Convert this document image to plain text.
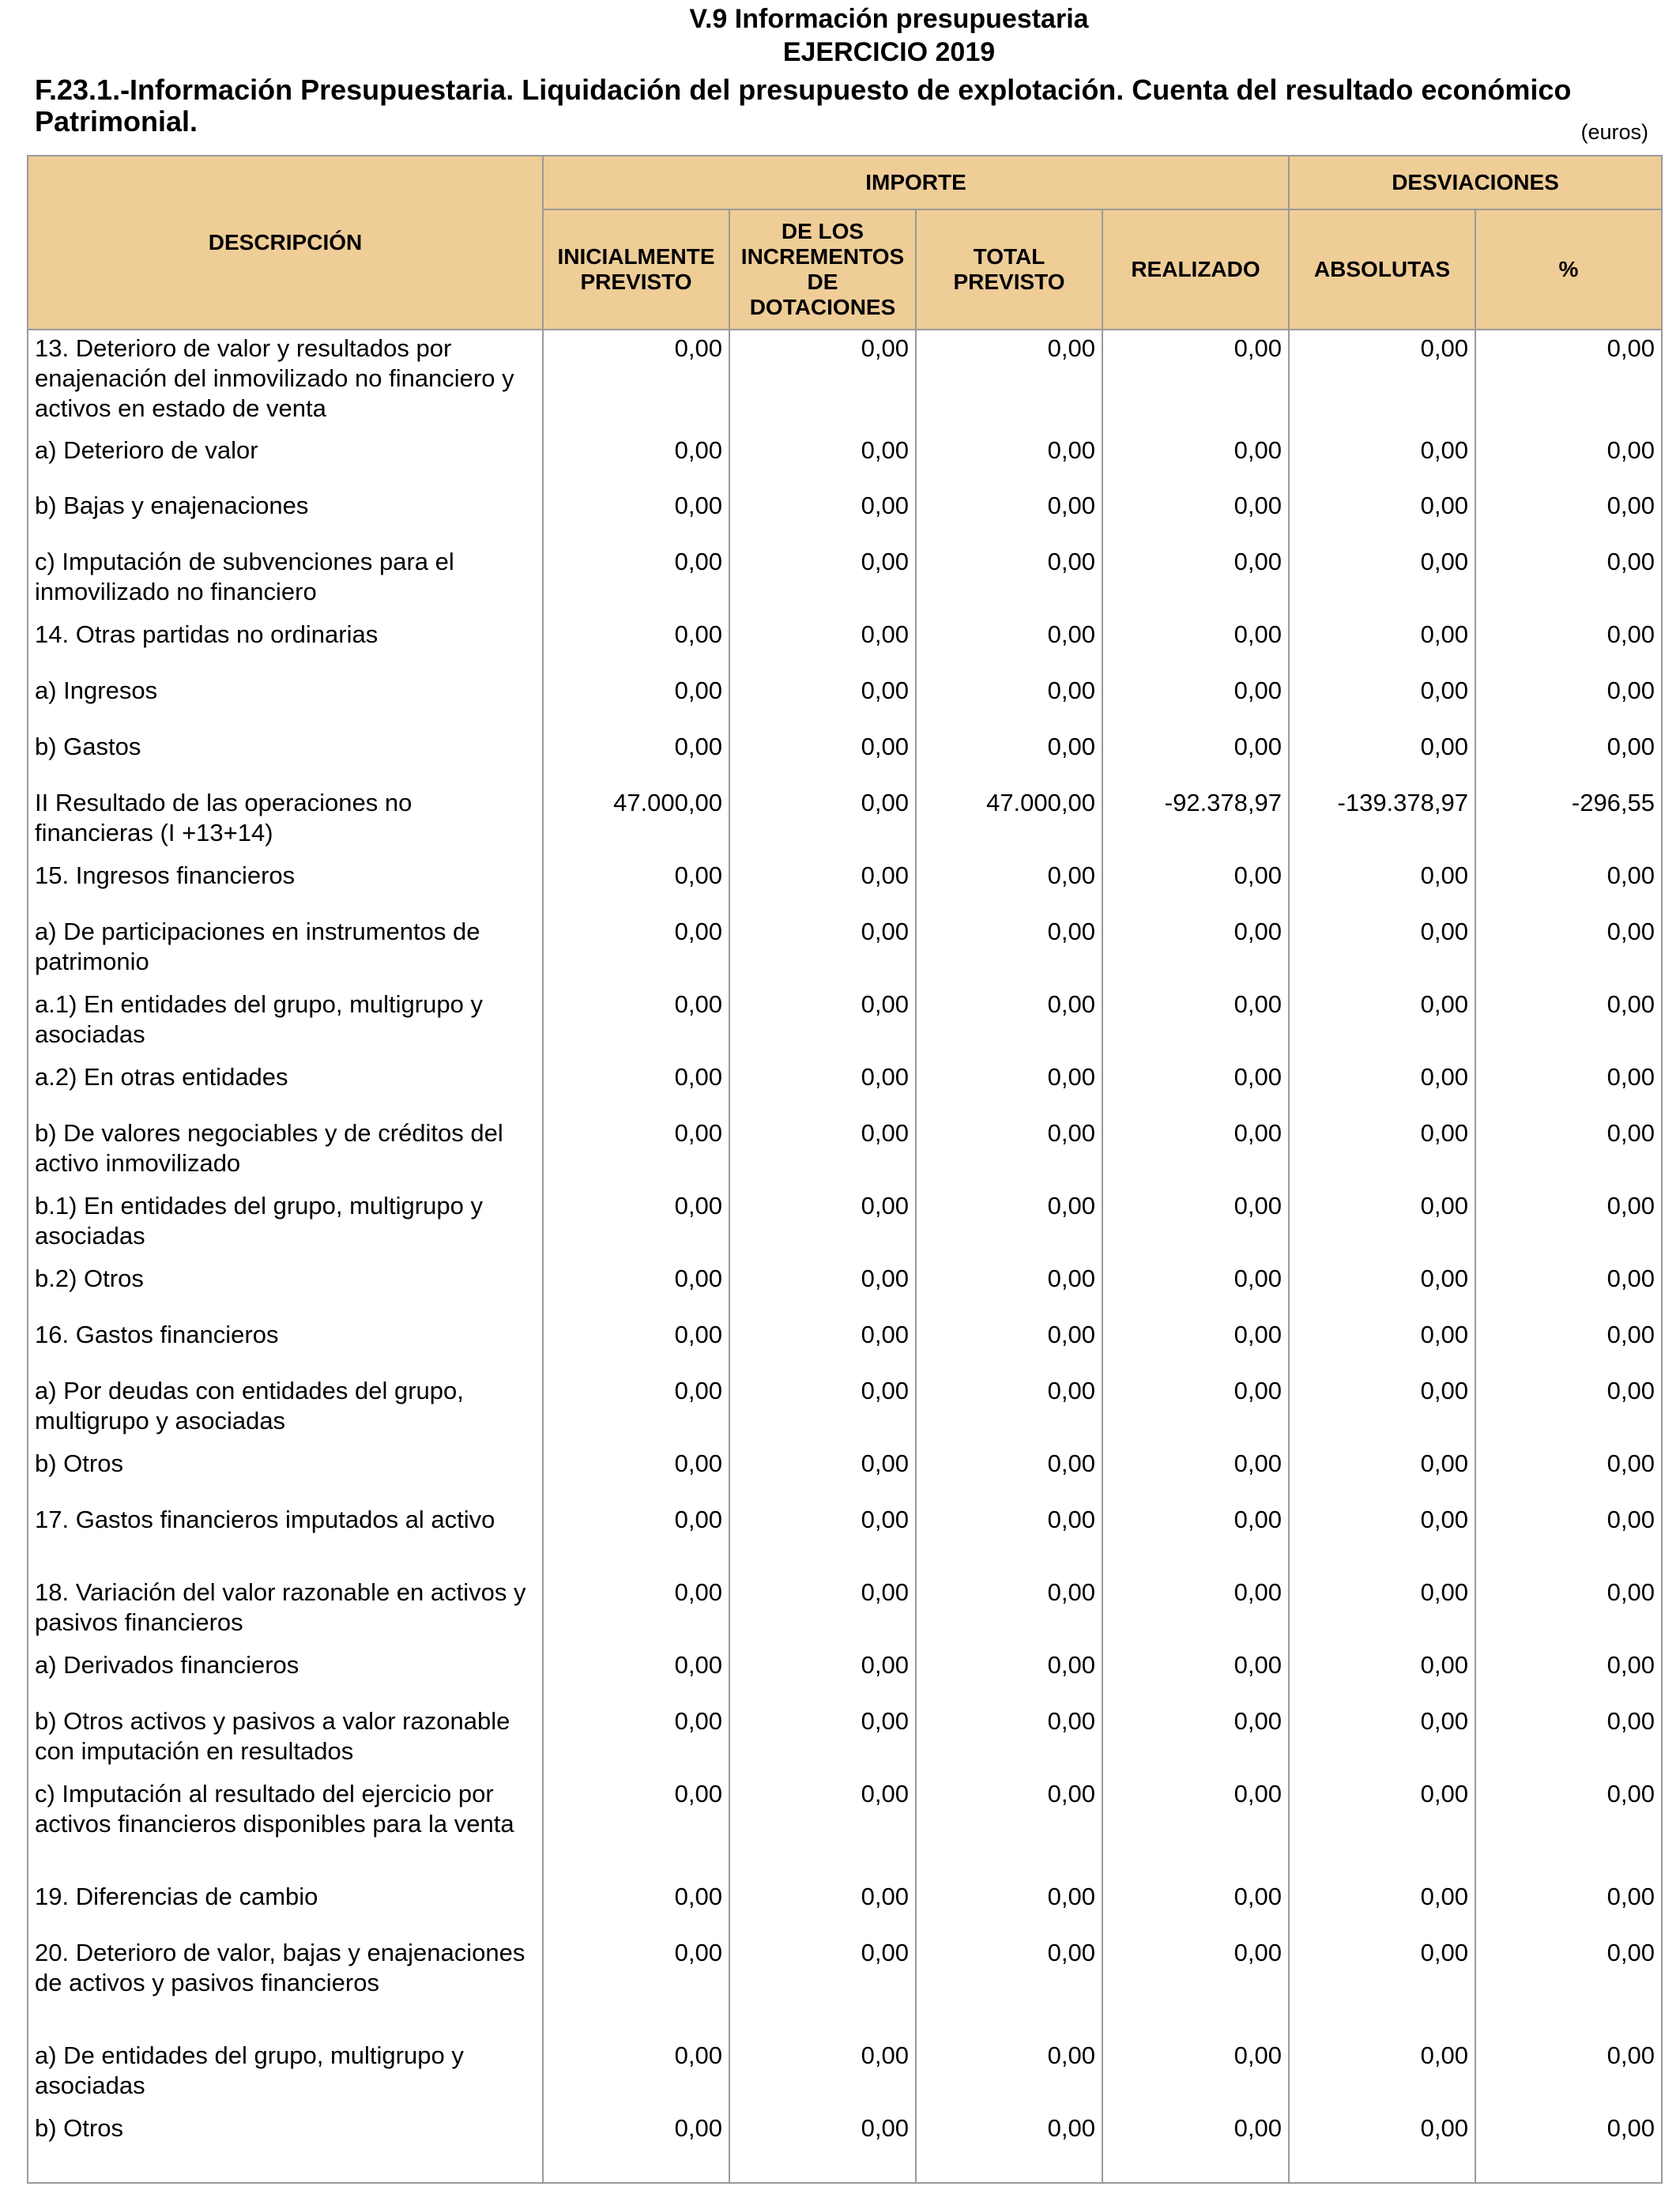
V.9 Información presupuestaria
EJERCICIO 2019
F.23.1.-Información Presupuestaria. Liquidación del presupuesto de explotación. Cuenta del resultado económico Patrimonial.	(euros)
DESCRIPCIÓN	IMPORTE				DESVIACIONES	
	INICIALMENTE PREVISTO	DE LOS INCREMENTOS DE DOTACIONES	TOTAL PREVISTO	REALIZADO	ABSOLUTAS	%
13. Deterioro de valor y resultados por enajenación del inmovilizado no financiero y activos en estado de venta	0,00	0,00	0,00	0,00	0,00	0,00
a) Deterioro de valor	0,00	0,00	0,00	0,00	0,00	0,00
b) Bajas y enajenaciones	0,00	0,00	0,00	0,00	0,00	0,00
c) Imputación de subvenciones para el inmovilizado no financiero	0,00	0,00	0,00	0,00	0,00	0,00
14. Otras partidas no ordinarias	0,00	0,00	0,00	0,00	0,00	0,00
a) Ingresos	0,00	0,00	0,00	0,00	0,00	0,00
b) Gastos	0,00	0,00	0,00	0,00	0,00	0,00
II Resultado de las operaciones no financieras (I +13+14)	47.000,00	0,00	47.000,00	-92.378,97	-139.378,97	-296,55
15. Ingresos financieros	0,00	0,00	0,00	0,00	0,00	0,00
a) De participaciones en instrumentos de patrimonio	0,00	0,00	0,00	0,00	0,00	0,00
a.1) En entidades del grupo, multigrupo y asociadas	0,00	0,00	0,00	0,00	0,00	0,00
a.2) En otras entidades	0,00	0,00	0,00	0,00	0,00	0,00
b) De valores negociables y de créditos del activo inmovilizado	0,00	0,00	0,00	0,00	0,00	0,00
b.1) En entidades del grupo, multigrupo y asociadas	0,00	0,00	0,00	0,00	0,00	0,00
b.2) Otros	0,00	0,00	0,00	0,00	0,00	0,00
16. Gastos financieros	0,00	0,00	0,00	0,00	0,00	0,00
a) Por deudas con entidades del grupo, multigrupo y asociadas	0,00	0,00	0,00	0,00	0,00	0,00
b) Otros	0,00	0,00	0,00	0,00	0,00	0,00
17. Gastos financieros imputados al activo	0,00	0,00	0,00	0,00	0,00	0,00
18. Variación del valor razonable en activos y pasivos financieros	0,00	0,00	0,00	0,00	0,00	0,00
a) Derivados financieros	0,00	0,00	0,00	0,00	0,00	0,00
b) Otros activos y pasivos a valor razonable con imputación en resultados	0,00	0,00	0,00	0,00	0,00	0,00
c) Imputación al resultado del ejercicio por activos financieros disponibles para la venta	0,00	0,00	0,00	0,00	0,00	0,00
19. Diferencias de cambio	0,00	0,00	0,00	0,00	0,00	0,00
20. Deterioro de valor, bajas y enajenaciones de activos y pasivos financieros	0,00	0,00	0,00	0,00	0,00	0,00
a) De entidades del grupo, multigrupo y asociadas	0,00	0,00	0,00	0,00	0,00	0,00
b) Otros	0,00	0,00	0,00	0,00	0,00	0,00
